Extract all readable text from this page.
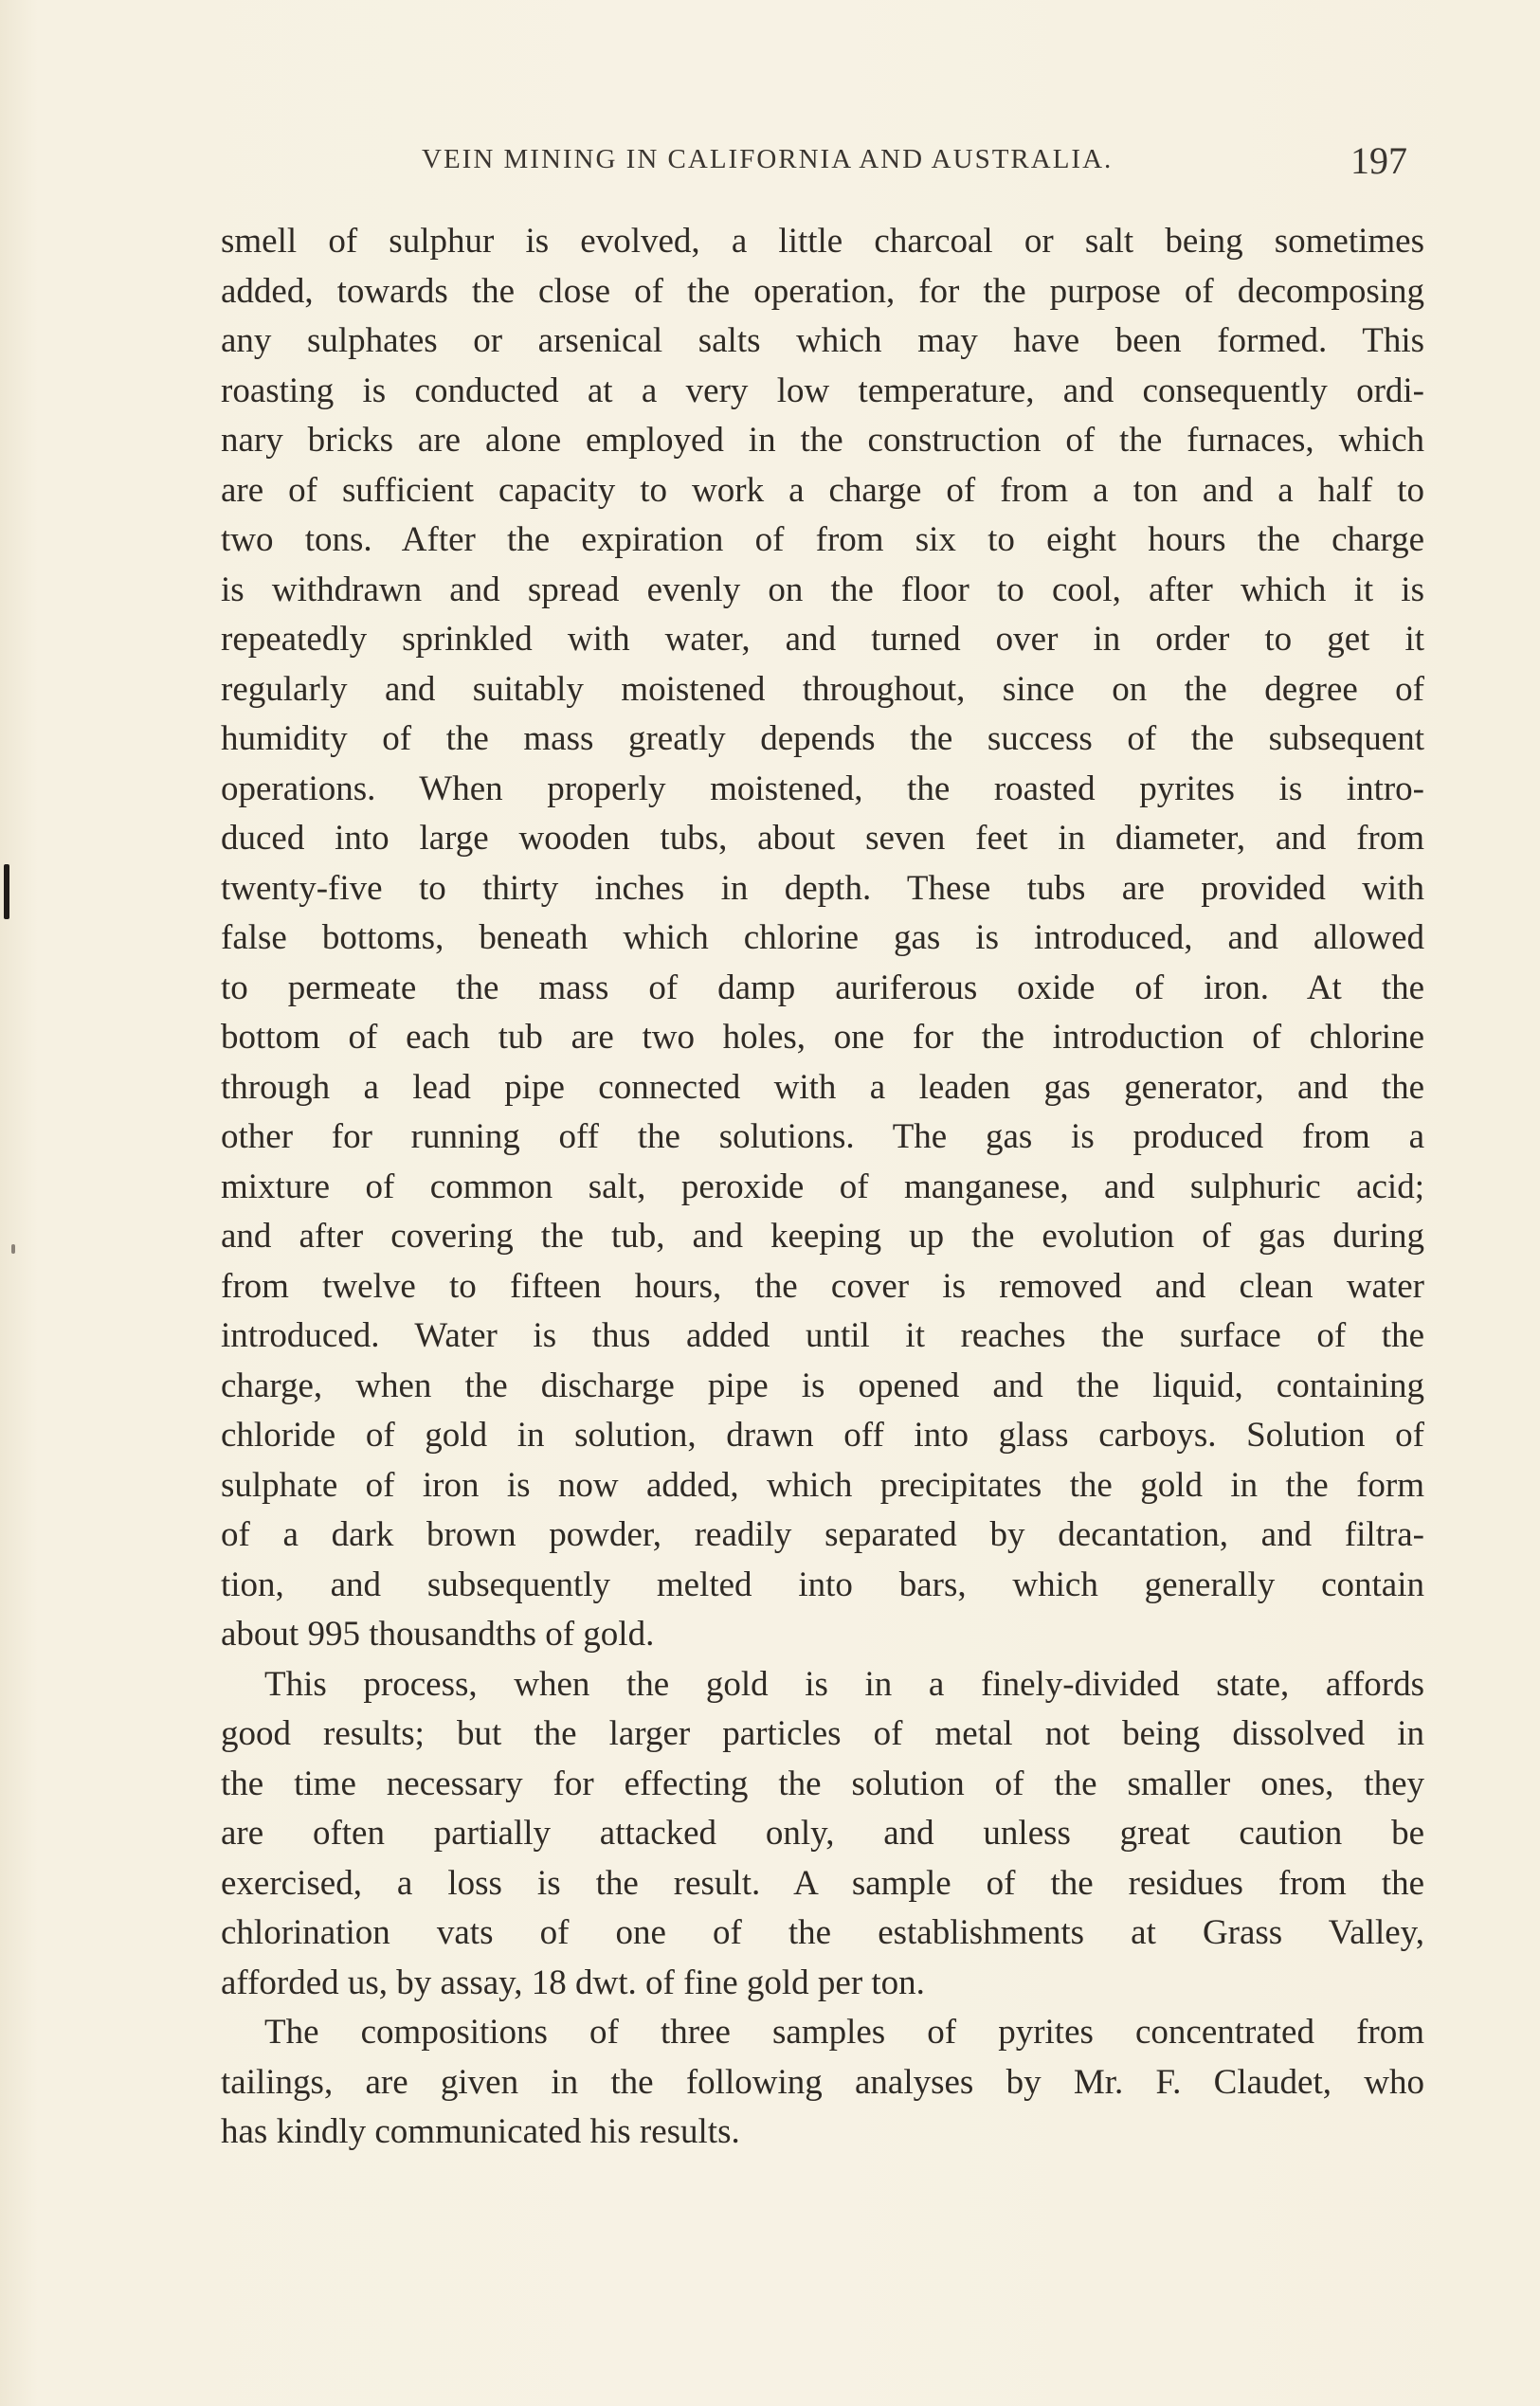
VEIN MINING IN CALIFORNIA AND AUSTRALIA.	197

smell of sulphur is evolved, a little charcoal or salt being sometimes
added, towards the close of the operation, for the purpose of decomposing
any sulphates or arsenical salts which may have been formed. This
roasting is conducted at a very low temperature, and consequently ordi-
nary bricks are alone employed in the construction of the furnaces, which
are of sufficient capacity to work a charge of from a ton and a half to
two tons. After the expiration of from six to eight hours the charge
is withdrawn and spread evenly on the floor to cool, after which it is
repeatedly sprinkled with water, and turned over in order to get it
regularly and suitably moistened throughout, since on the degree of
humidity of the mass greatly depends the success of the subsequent
operations. When properly moistened, the roasted pyrites is intro-
duced into large wooden tubs, about seven feet in diameter, and from
twenty-five to thirty inches in depth. These tubs are provided with
false bottoms, beneath which chlorine gas is introduced, and allowed
to permeate the mass of damp auriferous oxide of iron. At the
bottom of each tub are two holes, one for the introduction of chlorine
through a lead pipe connected with a leaden gas generator, and the
other for running off the solutions. The gas is produced from a
mixture of common salt, peroxide of manganese, and sulphuric acid;
and after covering the tub, and keeping up the evolution of gas during
from twelve to fifteen hours, the cover is removed and clean water
introduced. Water is thus added until it reaches the surface of the
charge, when the discharge pipe is opened and the liquid, containing
chloride of gold in solution, drawn off into glass carboys. Solution of
sulphate of iron is now added, which precipitates the gold in the form
of a dark brown powder, readily separated by decantation, and filtra-
tion, and subsequently melted into bars, which generally contain
about 995 thousandths of gold.

This process, when the gold is in a finely-divided state, affords
good results; but the larger particles of metal not being dissolved in
the time necessary for effecting the solution of the smaller ones, they
are often partially attacked only, and unless great caution be
exercised, a loss is the result. A sample of the residues from the
chlorination vats of one of the establishments at Grass Valley,
afforded us, by assay, 18 dwt. of fine gold per ton.

The compositions of three samples of pyrites concentrated from
tailings, are given in the following analyses by Mr. F. Claudet, who
has kindly communicated his results.
